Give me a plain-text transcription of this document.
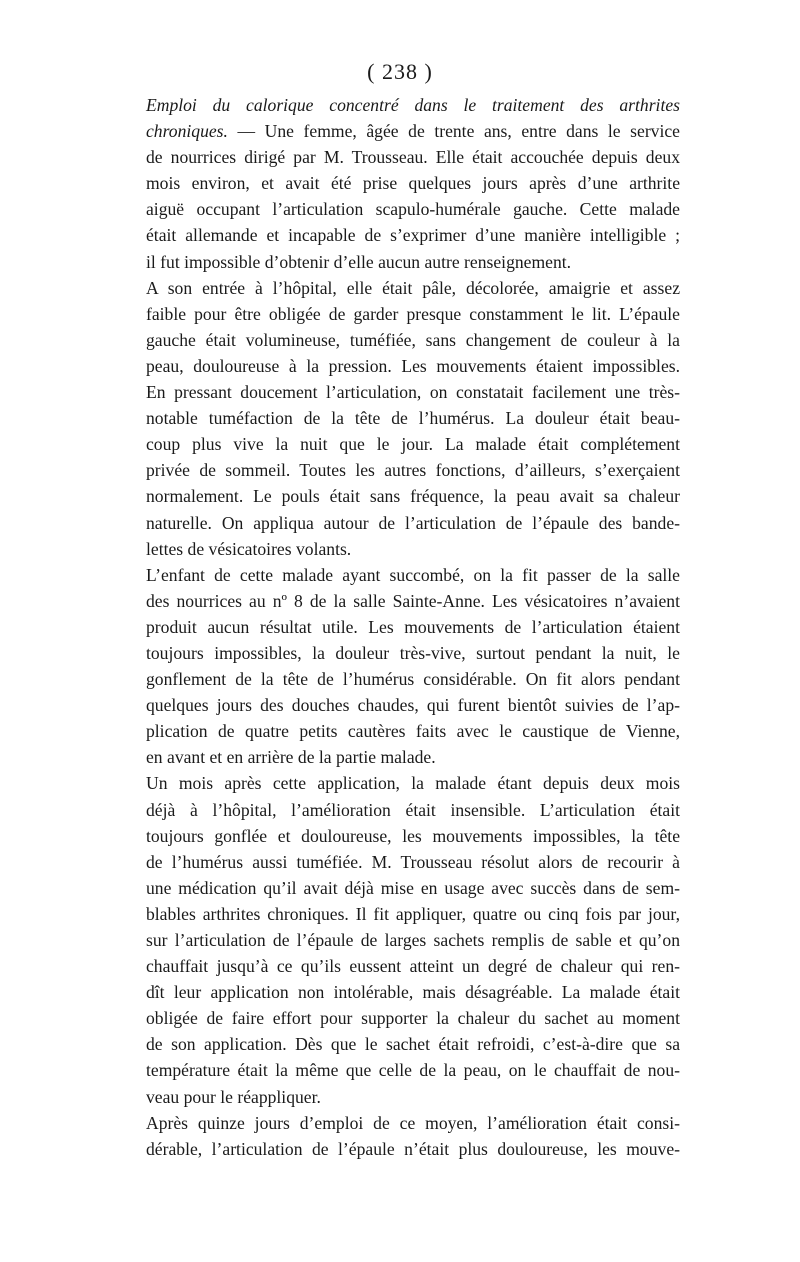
( 238 )
Emploi du calorique concentré dans le traitement des arthrites
chroniques. — Une femme, âgée de trente ans, entre dans le service
de nourrices dirigé par M. Trousseau. Elle était accouchée depuis deux
mois environ, et avait été prise quelques jours après d’une arthrite
aiguë occupant l’articulation scapulo-humérale gauche. Cette malade
était allemande et incapable de s’exprimer d’une manière intelligible ;
il fut impossible d’obtenir d’elle aucun autre renseignement.
A son entrée à l’hôpital, elle était pâle, décolorée, amaigrie et assez
faible pour être obligée de garder presque constamment le lit. L’épaule
gauche était volumineuse, tuméfiée, sans changement de couleur à la
peau, douloureuse à la pression. Les mouvements étaient impossibles.
En pressant doucement l’articulation, on constatait facilement une très-
notable tuméfaction de la tête de l’humérus. La douleur était beau-
coup plus vive la nuit que le jour. La malade était complétement
privée de sommeil. Toutes les autres fonctions, d’ailleurs, s’exerçaient
normalement. Le pouls était sans fréquence, la peau avait sa chaleur
naturelle. On appliqua autour de l’articulation de l’épaule des bande-
lettes de vésicatoires volants.
L’enfant de cette malade ayant succombé, on la fit passer de la salle
des nourrices au nº 8 de la salle Sainte-Anne. Les vésicatoires n’avaient
produit aucun résultat utile. Les mouvements de l’articulation étaient
toujours impossibles, la douleur très-vive, surtout pendant la nuit, le
gonflement de la tête de l’humérus considérable. On fit alors pendant
quelques jours des douches chaudes, qui furent bientôt suivies de l’ap-
plication de quatre petits cautères faits avec le caustique de Vienne,
en avant et en arrière de la partie malade.
Un mois après cette application, la malade étant depuis deux mois
déjà à l’hôpital, l’amélioration était insensible. L’articulation était
toujours gonflée et douloureuse, les mouvements impossibles, la tête
de l’humérus aussi tuméfiée. M. Trousseau résolut alors de recourir à
une médication qu’il avait déjà mise en usage avec succès dans de sem-
blables arthrites chroniques. Il fit appliquer, quatre ou cinq fois par jour,
sur l’articulation de l’épaule de larges sachets remplis de sable et qu’on
chauffait jusqu’à ce qu’ils eussent atteint un degré de chaleur qui ren-
dît leur application non intolérable, mais désagréable. La malade était
obligée de faire effort pour supporter la chaleur du sachet au moment
de son application. Dès que le sachet était refroidi, c’est-à-dire que sa
température était la même que celle de la peau, on le chauffait de nou-
veau pour le réappliquer.
Après quinze jours d’emploi de ce moyen, l’amélioration était consi-
dérable, l’articulation de l’épaule n’était plus douloureuse, les mouve-
